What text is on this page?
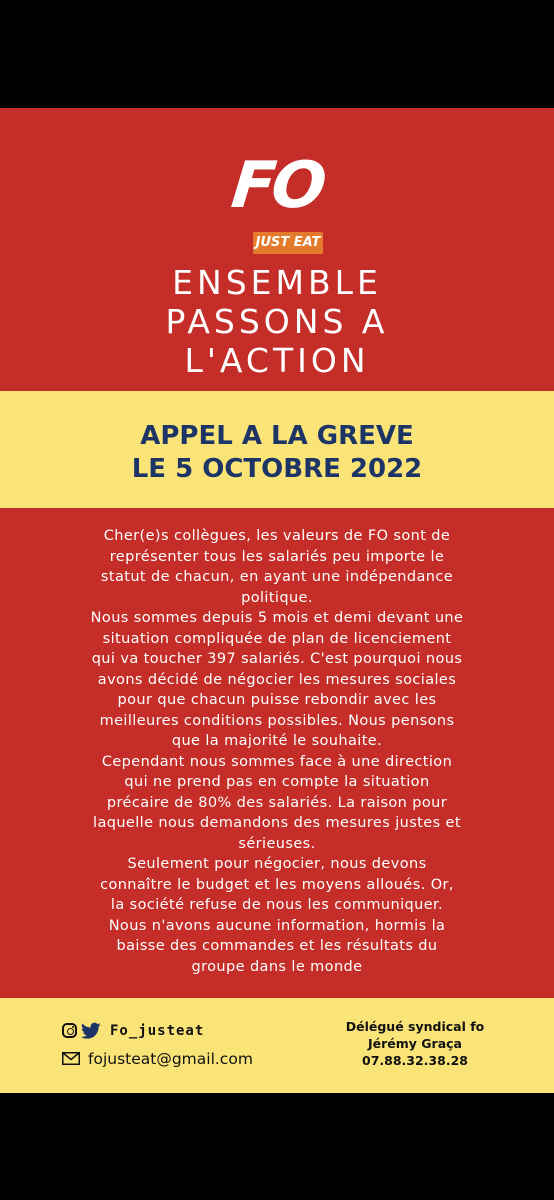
FO
JUST EAT
ENSEMBLE
PASSONS A
L'ACTION
APPEL A LA GREVE
LE 5 OCTOBRE 2022
Cher(e)s collègues, les valeurs de FO sont de
représenter tous les salariés peu importe le
statut de chacun, en ayant une indépendance
politique.
Nous sommes depuis 5 mois et demi devant une
situation compliquée de plan de licenciement
qui va toucher 397 salariés. C'est pourquoi nous
avons décidé de négocier les mesures sociales
pour que chacun puisse rebondir avec les
meilleures conditions possibles. Nous pensons
que la majorité le souhaite.
Cependant nous sommes face à une direction
qui ne prend pas en compte la situation
précaire de 80% des salariés. La raison pour
laquelle nous demandons des mesures justes et
sérieuses.
Seulement pour négocier, nous devons
connaître le budget et les moyens alloués. Or,
la société refuse de nous les communiquer.
Nous n'avons aucune information, hormis la
baisse des commandes et les résultats du
groupe dans le monde
Fo_justeat
fojusteat@gmail.com
Délégué syndical fo
Jérémy Graça
07.88.32.38.28
